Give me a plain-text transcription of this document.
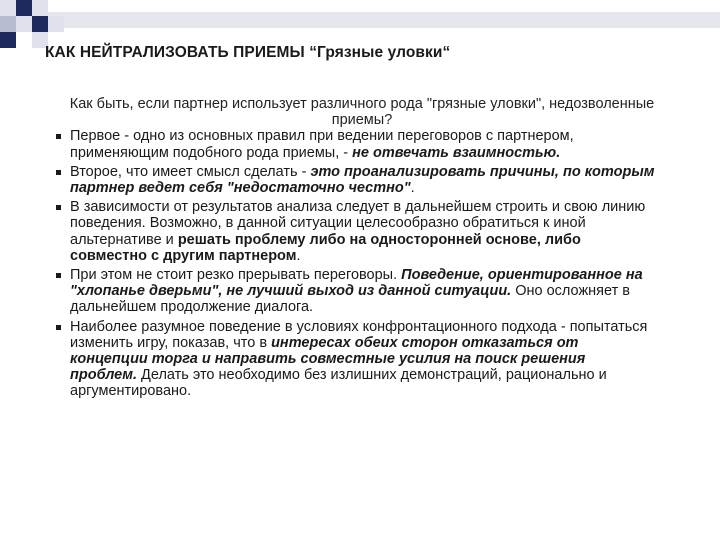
КАК НЕЙТРАЛИЗОВАТЬ ПРИЕМЫ “Грязные уловки“
Как быть, если партнер использует различного рода "грязные уловки", недозволенные приемы?
Первое - одно из основных правил при ведении переговоров с партнером, применяющим подобного рода приемы, - не отвечать взаимностью.
Второе, что имеет смысл сделать - это проанализировать причины, по которым партнер ведет себя "недостаточно честно".
В зависимости от результатов анализа следует в дальнейшем строить и свою линию поведения. Возможно, в данной ситуации целесообразно обратиться к иной альтернативе и решать проблему либо на односторонней основе, либо совместно с другим партнером.
При этом не стоит резко прерывать переговоры. Поведение, ориентированное на "хлопанье дверьми", не лучший выход из данной ситуации. Оно осложняет в дальнейшем продолжение диалога.
Наиболее разумное поведение в условиях конфронтационного подхода - попытаться изменить игру, показав, что в интересах обеих сторон отказаться от концепции торга и направить совместные усилия на поиск решения проблем. Делать это необходимо без излишних демонстраций, рационально и аргументировано.
